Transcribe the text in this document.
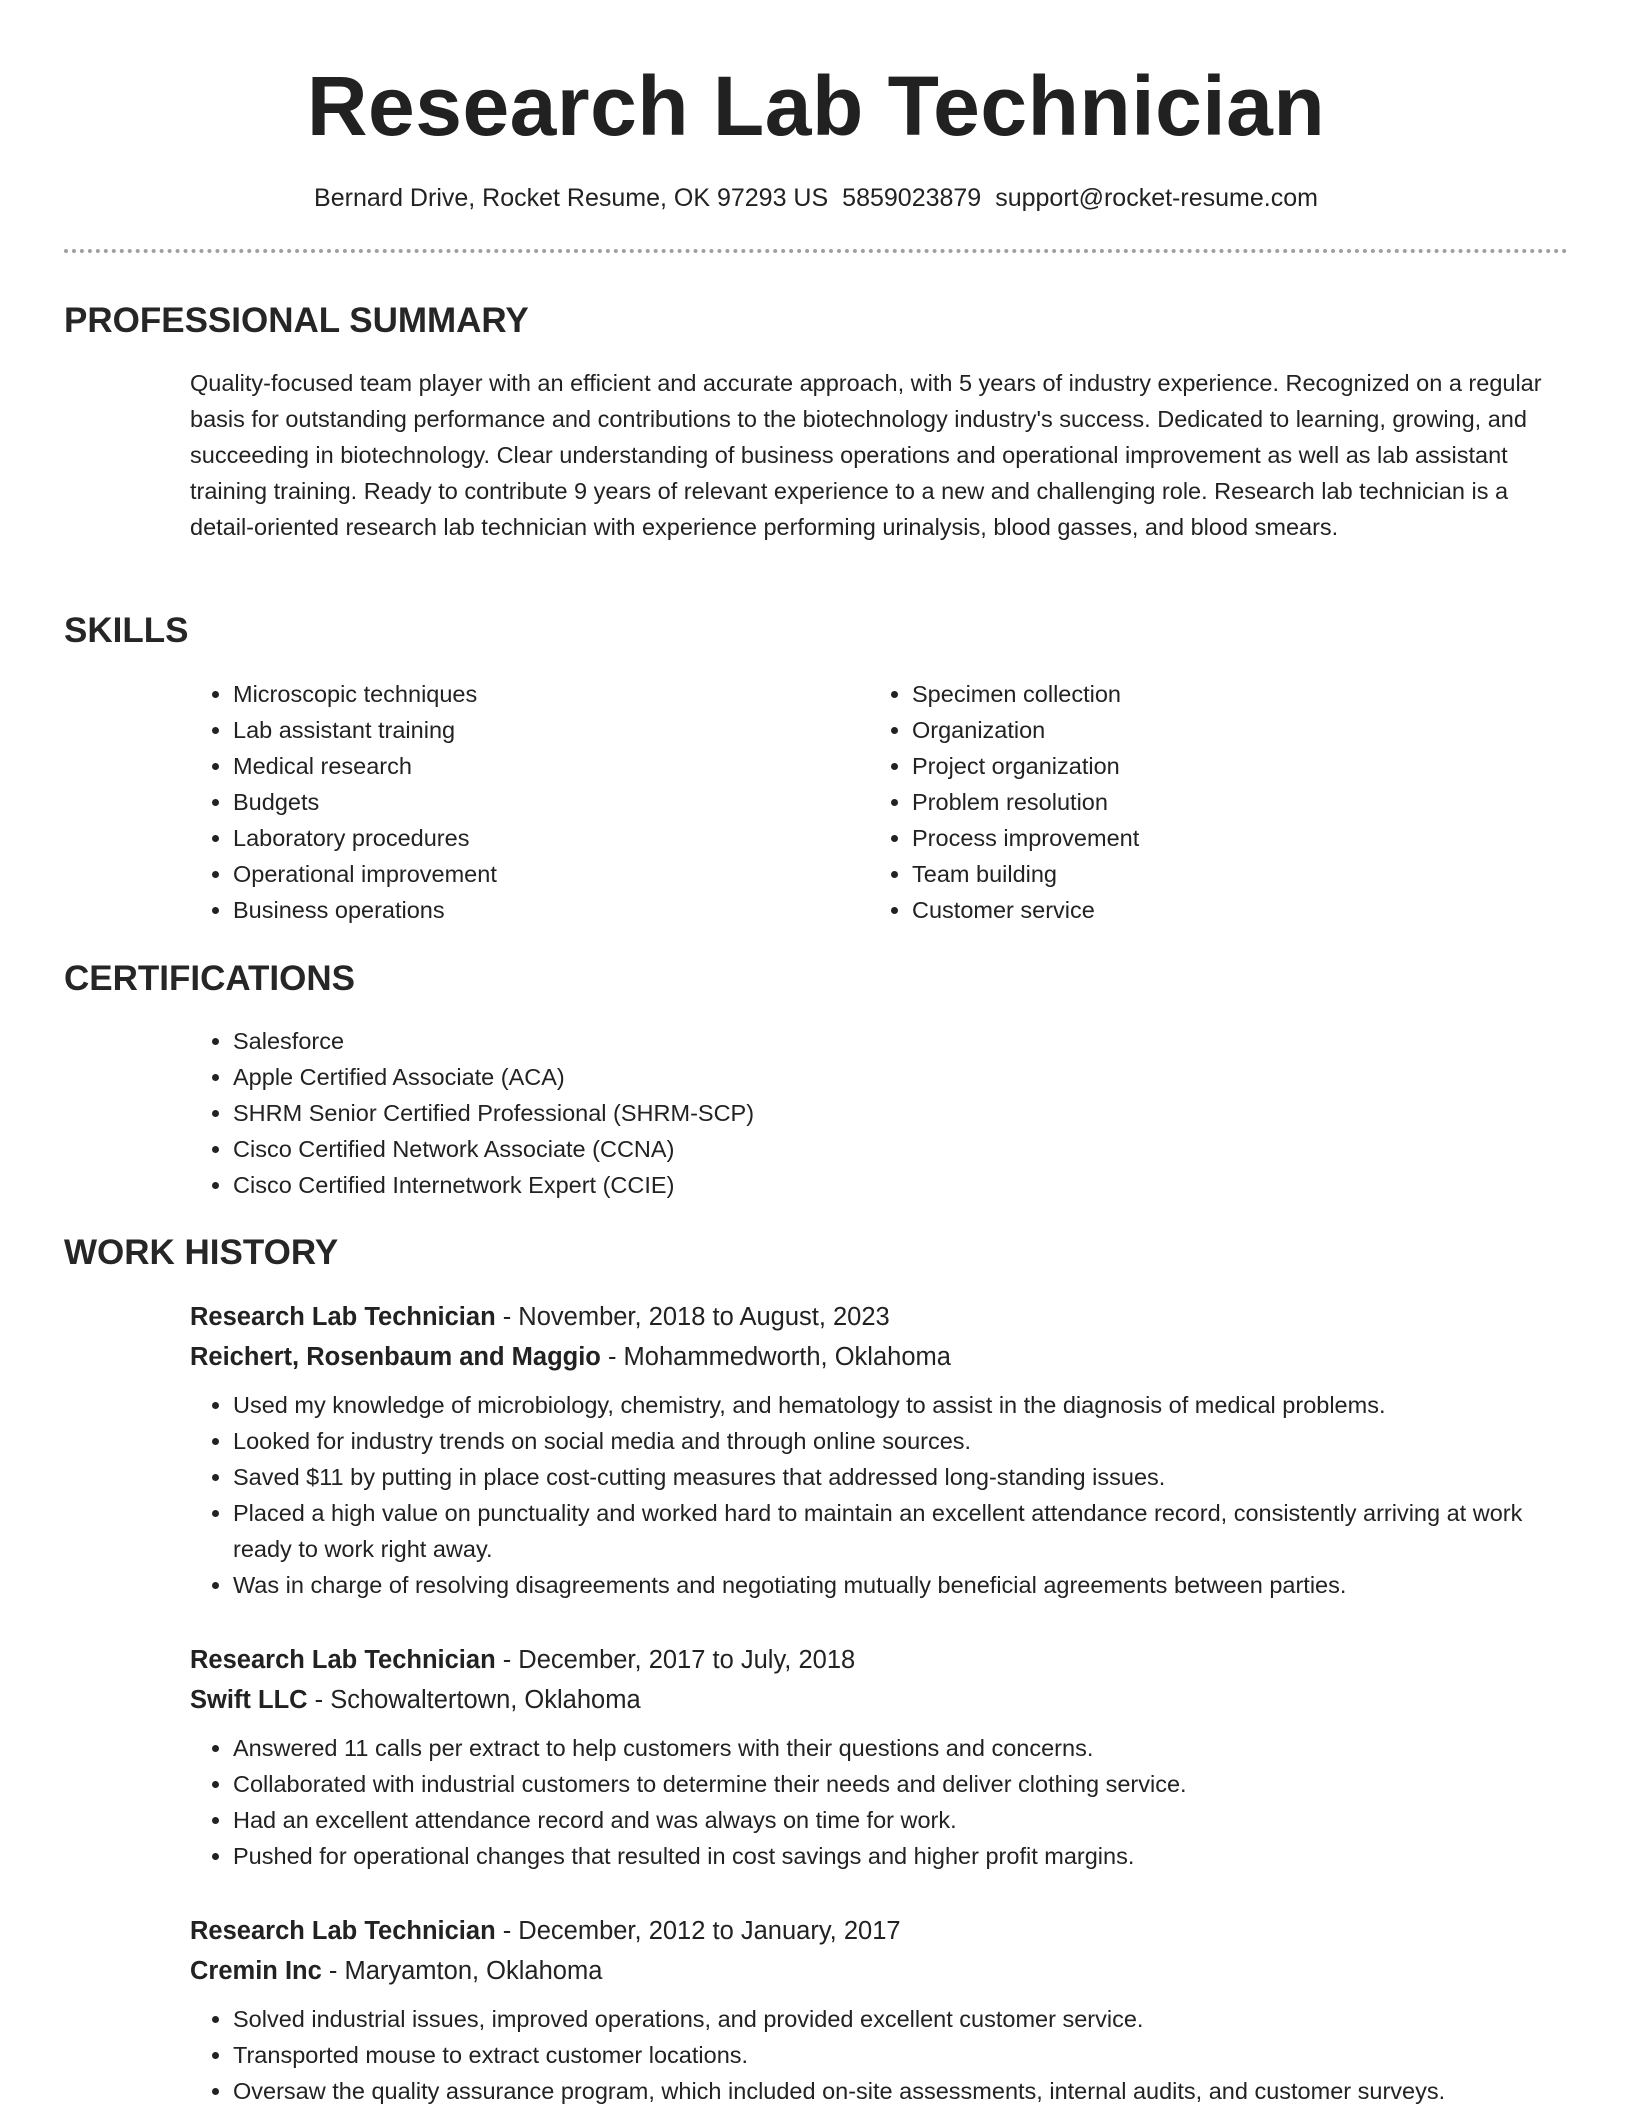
Research Lab Technician
Bernard Drive, Rocket Resume, OK 97293 US 5859023879 support@rocket-resume.com
PROFESSIONAL SUMMARY

Quality-focused team player with an efficient and accurate approach, with 5 years of industry experience. Recognized on a regular basis for outstanding performance and contributions to the biotechnology industry's success. Dedicated to learning, growing, and succeeding in biotechnology. Clear understanding of business operations and operational improvement as well as lab assistant training training. Ready to contribute 9 years of relevant experience to a new and challenging role. Research lab technician is a detail-oriented research lab technician with experience performing urinalysis, blood gasses, and blood smears.

SKILLS
• Microscopic techniques
• Lab assistant training
• Medical research
• Budgets
• Laboratory procedures
• Operational improvement
• Business operations
• Specimen collection
• Organization
• Project organization
• Problem resolution
• Process improvement
• Team building
• Customer service
CERTIFICATIONS
• Salesforce
• Apple Certified Associate (ACA)
• SHRM Senior Certified Professional (SHRM-SCP)
• Cisco Certified Network Associate (CCNA)
• Cisco Certified Internetwork Expert (CCIE)
WORK HISTORY
Research Lab Technician - November, 2018 to August, 2023
Reichert, Rosenbaum and Maggio - Mohammedworth, Oklahoma
• Used my knowledge of microbiology, chemistry, and hematology to assist in the diagnosis of medical problems.
• Looked for industry trends on social media and through online sources.
• Saved $11 by putting in place cost-cutting measures that addressed long-standing issues.
• Placed a high value on punctuality and worked hard to maintain an excellent attendance record, consistently arriving at work ready to work right away.
• Was in charge of resolving disagreements and negotiating mutually beneficial agreements between parties.
Research Lab Technician - December, 2017 to July, 2018
Swift LLC - Schowaltertown, Oklahoma
• Answered 11 calls per extract to help customers with their questions and concerns.
• Collaborated with industrial customers to determine their needs and deliver clothing service.
• Had an excellent attendance record and was always on time for work.
• Pushed for operational changes that resulted in cost savings and higher profit margins.
Research Lab Technician - December, 2012 to January, 2017
Cremin Inc - Maryamton, Oklahoma
• Solved industrial issues, improved operations, and provided excellent customer service.
• Transported mouse to extract customer locations.
• Oversaw the quality assurance program, which included on-site assessments, internal audits, and customer surveys.
